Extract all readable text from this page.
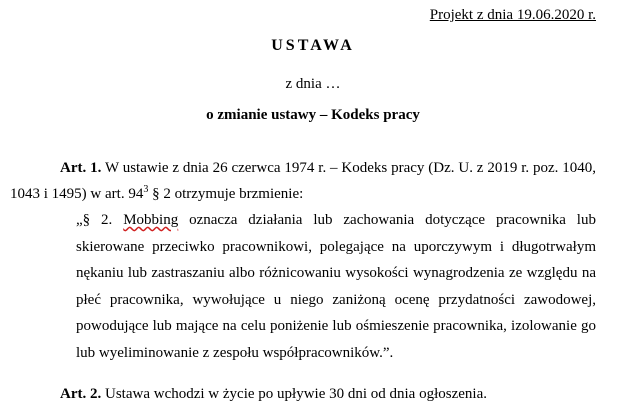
Projekt z dnia 19.06.2020 r.
USTAWA
z dnia …
o zmianie ustawy – Kodeks pracy
Art. 1. W ustawie z dnia 26 czerwca 1974 r. – Kodeks pracy (Dz. U. z 2019 r. poz. 1040, 1043 i 1495) w art. $94^3$ § 2 otrzymuje brzmienie:
„§ 2. Mobbing oznacza działania lub zachowania dotyczące pracownika lub skierowane przeciwko pracownikowi, polegające na uporczywym i długotrwałym nękaniu lub zastraszaniu albo różnicowaniu wysokości wynagrodzenia ze względu na płeć pracownika, wywołujące u niego zaniżoną ocenę przydatności zawodowej, powodujące lub mające na celu poniżenie lub ośmieszenie pracownika, izolowanie go lub wyeliminowanie z zespołu współpracowników.”.
Art. 2. Ustawa wchodzi w życie po upływie 30 dni od dnia ogłoszenia.
